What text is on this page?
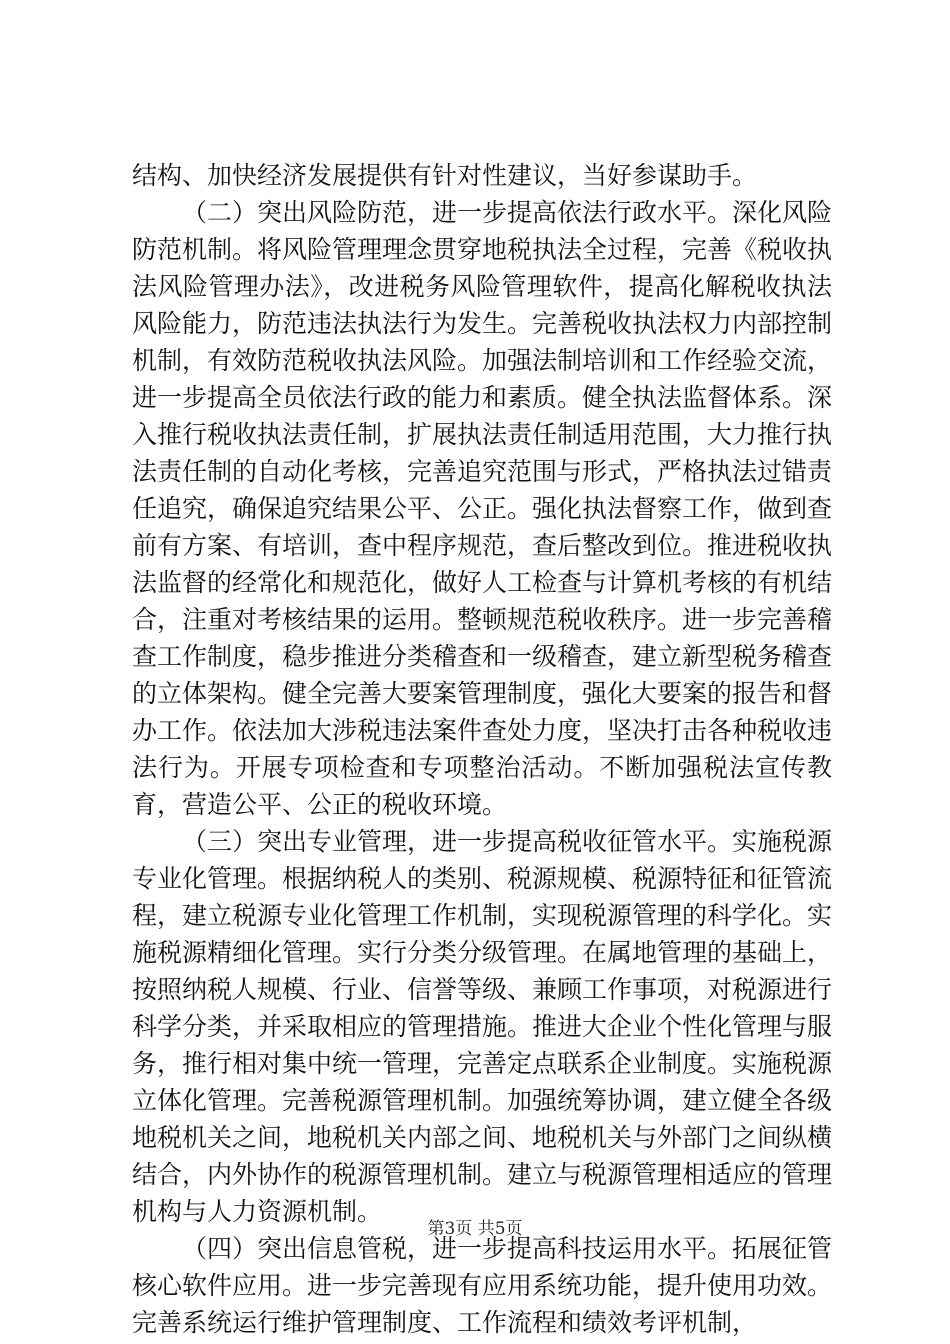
结构、加快经济发展提供有针对性建议，当好参谋助手。

（二）突出风险防范，进一步提高依法行政水平。深化风险防范机制。将风险管理理念贯穿地税执法全过程，完善《税收执法风险管理办法》，改进税务风险管理软件，提高化解税收执法风险能力，防范违法执法行为发生。完善税收执法权力内部控制机制，有效防范税收执法风险。加强法制培训和工作经验交流，进一步提高全员依法行政的能力和素质。健全执法监督体系。深入推行税收执法责任制，扩展执法责任制适用范围，大力推行执法责任制的自动化考核，完善追究范围与形式，严格执法过错责任追究，确保追究结果公平、公正。强化执法督察工作，做到查前有方案、有培训，查中程序规范，查后整改到位。推进税收执法监督的经常化和规范化，做好人工检查与计算机考核的有机结合，注重对考核结果的运用。整顿规范税收秩序。进一步完善稽查工作制度，稳步推进分类稽查和一级稽查，建立新型税务稽查的立体架构。健全完善大要案管理制度，强化大要案的报告和督办工作。依法加大涉税违法案件查处力度，坚决打击各种税收违法行为。开展专项检查和专项整治活动。不断加强税法宣传教育，营造公平、公正的税收环境。

（三）突出专业管理，进一步提高税收征管水平。实施税源专业化管理。根据纳税人的类别、税源规模、税源特征和征管流程，建立税源专业化管理工作机制，实现税源管理的科学化。实施税源精细化管理。实行分类分级管理。在属地管理的基础上，按照纳税人规模、行业、信誉等级、兼顾工作事项，对税源进行科学分类，并采取相应的管理措施。推进大企业个性化管理与服务，推行相对集中统一管理，完善定点联系企业制度。实施税源立体化管理。完善税源管理机制。加强统筹协调，建立健全各级地税机关之间，地税机关内部之间、地税机关与外部门之间纵横结合，内外协作的税源管理机制。建立与税源管理相适应的管理机构与人力资源机制。

（四）突出信息管税，进一步提高科技运用水平。拓展征管核心软件应用。进一步完善现有应用系统功能，提升使用功效。完善系统运行维护管理制度、工作流程和绩效考评机制，

第3页 共5页
